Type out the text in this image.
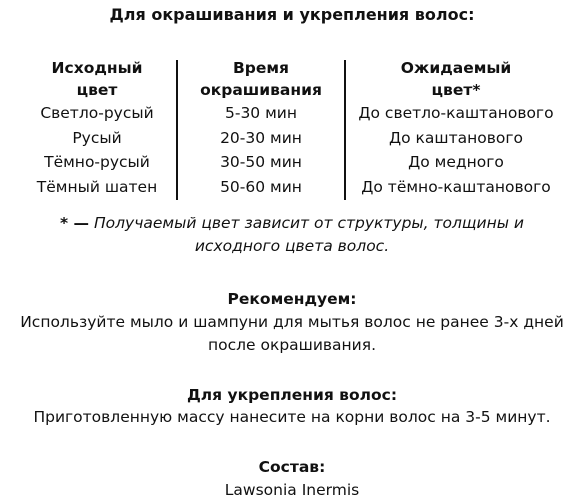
Для окрашивания и укрепления волос:
Исходный
цвет
Светло-русый
Русый
Тёмно-русый
Тёмный шатен
Время
окрашивания
5-30 мин
20-30 мин
30-50 мин
50-60 мин
Ожидаемый
цвет*
До светло-каштанового
До каштанового
До медного
До тёмно-каштанового
* — Получаемый цвет зависит от структуры, толщины и
исходного цвета волос.
Рекомендуем:
Используйте мыло и шампуни для мытья волос не ранее 3-х дней
после окрашивания.
Для укрепления волос:
Приготовленную массу нанесите на корни волос на 3-5 минут.
Состав:
Lawsonia Inermis
